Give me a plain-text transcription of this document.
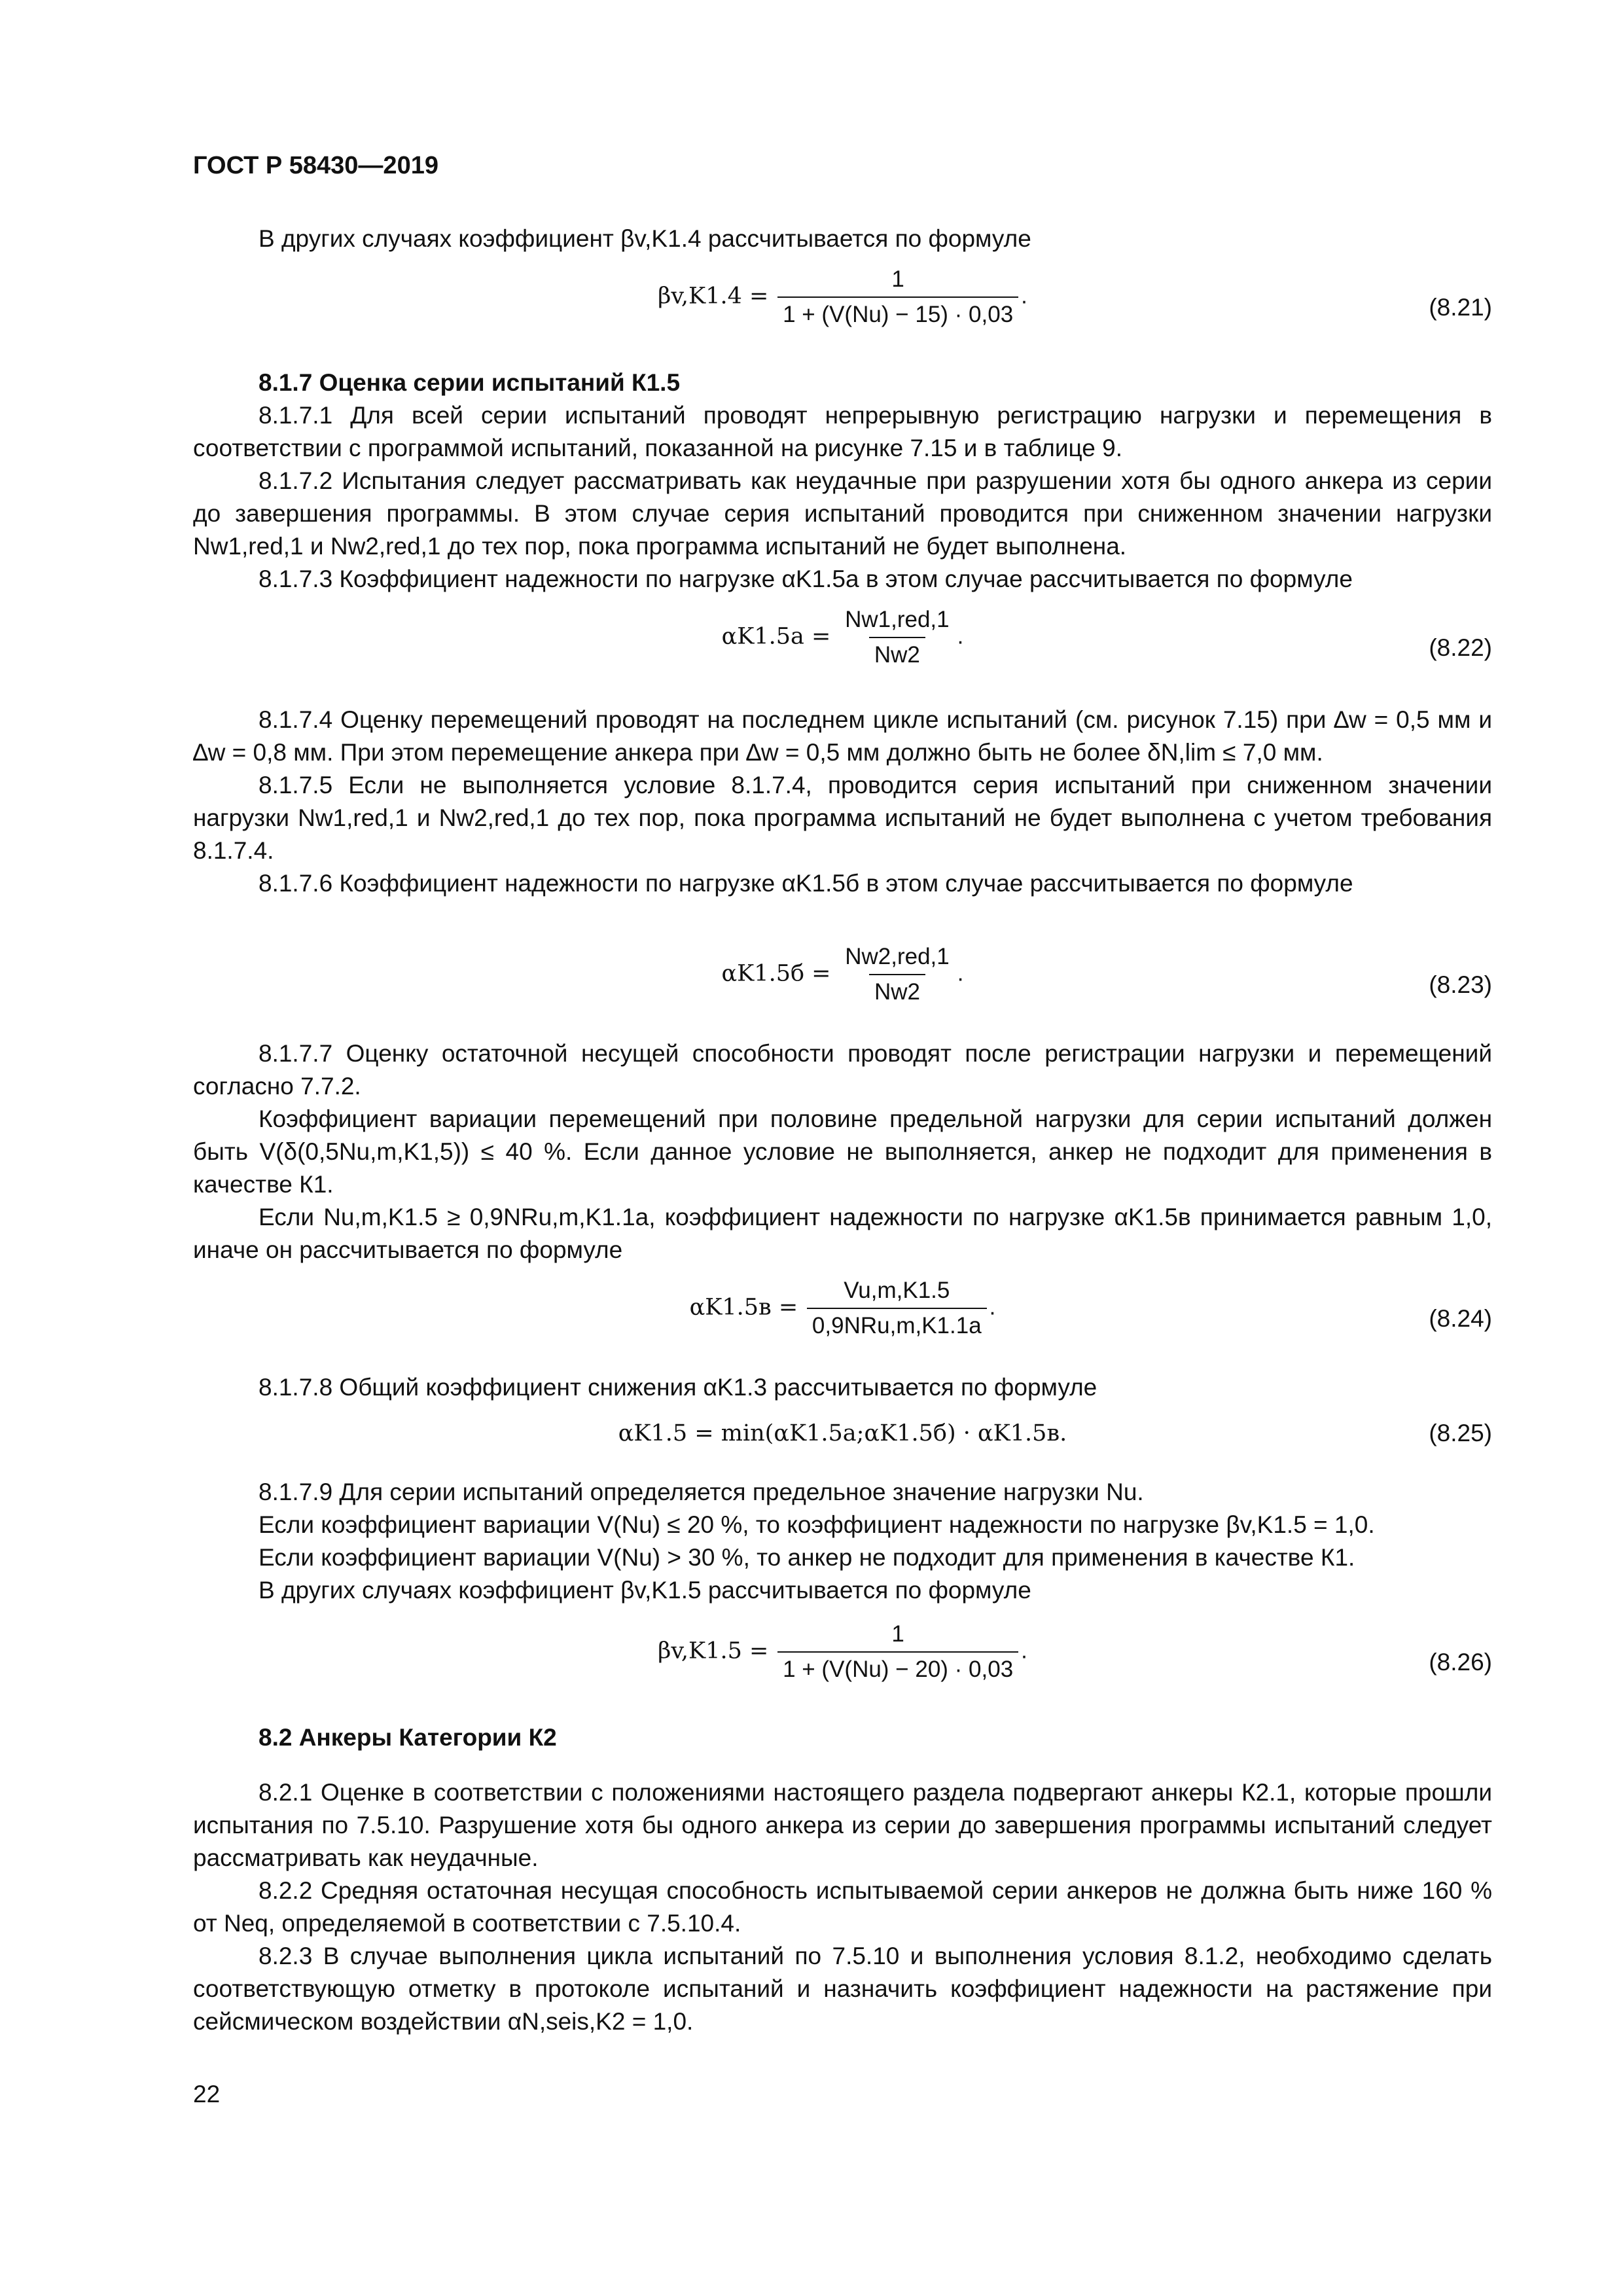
ГОСТ Р 58430—2019

В других случаях коэффициент βv,K1.4 рассчитывается по формуле

$\beta v,K1.4 = \frac{1}{1 + (V(Nu) - 15) \cdot 0,03}$ .	(8.21)

8.1.7 Оценка серии испытаний К1.5

8.1.7.1 Для всей серии испытаний проводят непрерывную регистрацию нагрузки и перемещения в соответствии с программой испытаний, показанной на рисунке 7.15 и в таблице 9.

8.1.7.2 Испытания следует рассматривать как неудачные при разрушении хотя бы одного анкера из серии до завершения программы. В этом случае серия испытаний проводится при сниженном значении нагрузки Nw1,red,1 и Nw2,red,1 до тех пор, пока программа испытаний не будет выполнена.

8.1.7.3 Коэффициент надежности по нагрузке αK1.5a в этом случае рассчитывается по формуле

$\alpha K1.5a = \frac{\text{Nw1,red,1}}{Nw2}$ .	(8.22)

8.1.7.4 Оценку перемещений проводят на последнем цикле испытаний (см. рисунок 7.15) при ∆w = 0,5 мм и ∆w = 0,8 мм. При этом перемещение анкера при ∆w = 0,5 мм должно быть не более δN,lim ≤ 7,0 мм.

8.1.7.5 Если не выполняется условие 8.1.7.4, проводится серия испытаний при сниженном значении нагрузки Nw1,red,1 и Nw2,red,1 до тех пор, пока программа испытаний не будет выполнена с учетом требования 8.1.7.4.

8.1.7.6 Коэффициент надежности по нагрузке αK1.5б в этом случае рассчитывается по формуле

$\alpha K1.5б = \frac{\text{Nw2,red,1}}{Nw2}$ .	(8.23)

8.1.7.7 Оценку остаточной несущей способности проводят после регистрации нагрузки и перемещений согласно 7.7.2.

Коэффициент вариации перемещений при половине предельной нагрузки для серии испытаний должен быть V(δ(0,5Nu,m,K1,5)) ≤ 40 %. Если данное условие не выполняется, анкер не подходит для применения в качестве К1.

Если Nu,m,K1.5 ≥ 0,9NRu,m,K1.1a, коэффициент надежности по нагрузке αK1.5в принимается равным 1,0, иначе он рассчитывается по формуле

$\alpha K1.5в = \frac{Vu,m,K1.5}{\text{0,9NRu,m,K1.1a}}$ .	(8.24)

8.1.7.8 Общий коэффициент снижения αK1.3 рассчитывается по формуле

αK1.5 = min(αK1.5a;αK1.5б) · αK1.5в.	(8.25)

8.1.7.9 Для серии испытаний определяется предельное значение нагрузки Nu.

Если коэффициент вариации V(Nu) ≤ 20 %, то коэффициент надежности по нагрузке βv,K1.5 = 1,0.

Если коэффициент вариации V(Nu) > 30 %, то анкер не подходит для применения в качестве К1.

В других случаях коэффициент βv,K1.5 рассчитывается по формуле

$\beta v,K1.5 = \frac{1}{1 + (V(Nu) - 20) \cdot 0,03}$ .	(8.26)

8.2 Анкеры Категории К2

8.2.1 Оценке в соответствии с положениями настоящего раздела подвергают анкеры К2.1, которые прошли испытания по 7.5.10. Разрушение хотя бы одного анкера из серии до завершения программы испытаний следует рассматривать как неудачные.

8.2.2 Средняя остаточная несущая способность испытываемой серии анкеров не должна быть ниже 160 % от Neq, определяемой в соответствии с 7.5.10.4.

8.2.3 В случае выполнения цикла испытаний по 7.5.10 и выполнения условия 8.1.2, необходимо сделать соответствующую отметку в протоколе испытаний и назначить коэффициент надежности на растяжение при сейсмическом воздействии αN,seis,K2 = 1,0.

22
